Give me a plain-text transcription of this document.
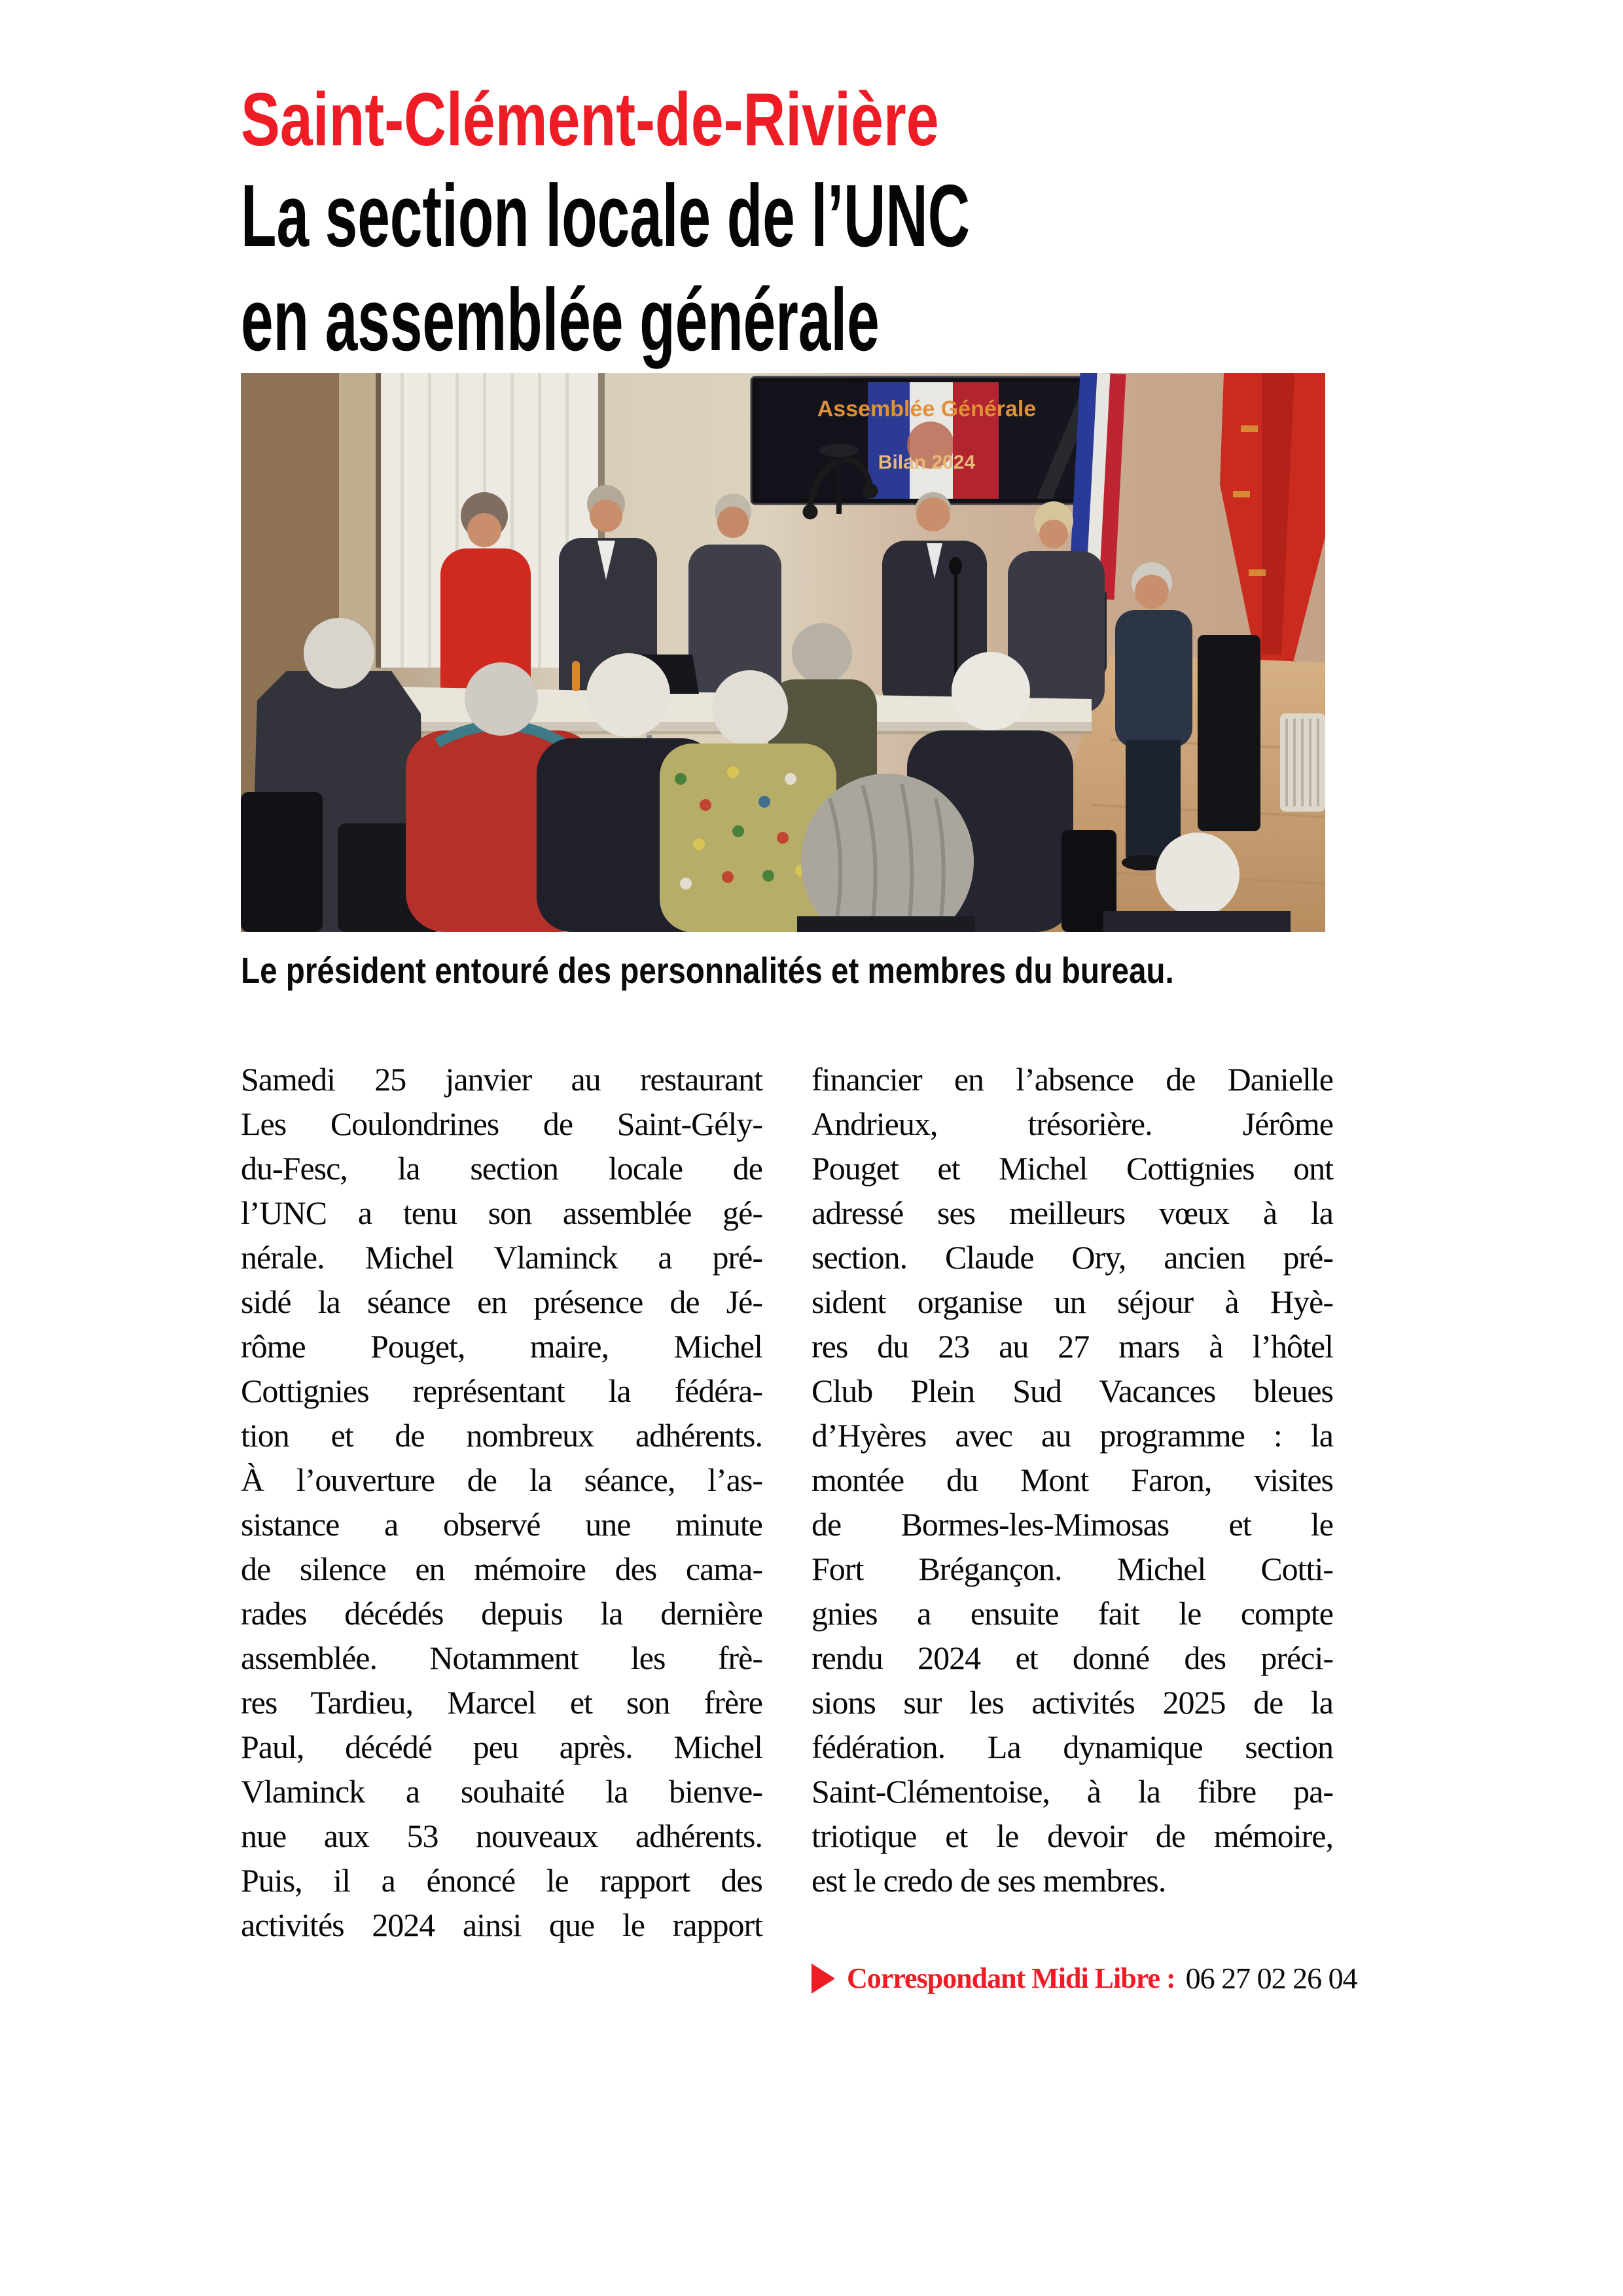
Saint-Clément-de-Rivière
La section locale de l’UNC
en assemblée générale
Assemblée Générale
Bilan 2024
Le président entouré des personnalités et membres du bureau.
Samedi 25 janvier au restaurant
Les Coulondrines de Saint-Gély-
du-Fesc, la section locale de
l’UNC a tenu son assemblée gé-
nérale. Michel Vlaminck a pré-
sidé la séance en présence de Jé-
rôme Pouget, maire, Michel
Cottignies représentant la fédéra-
tion et de nombreux adhérents.
À l’ouverture de la séance, l’as-
sistance a observé une minute
de silence en mémoire des cama-
rades décédés depuis la dernière
assemblée. Notamment les frè-
res Tardieu, Marcel et son frère
Paul, décédé peu après. Michel
Vlaminck a souhaité la bienve-
nue aux 53 nouveaux adhérents.
Puis, il a énoncé le rapport des
activités 2024 ainsi que le rapport
financier en l’absence de Danielle
Andrieux, trésorière. Jérôme
Pouget et Michel Cottignies ont
adressé ses meilleurs vœux à la
section. Claude Ory, ancien pré-
sident organise un séjour à Hyè-
res du 23 au 27 mars à l’hôtel
Club Plein Sud Vacances bleues
d’Hyères avec au programme : la
montée du Mont Faron, visites
de Bormes-les-Mimosas et le
Fort Brégançon. Michel Cotti-
gnies a ensuite fait le compte
rendu 2024 et donné des préci-
sions sur les activités 2025 de la
fédération. La dynamique section
Saint-Clémentoise, à la fibre pa-
triotique et le devoir de mémoire,
est le credo de ses membres.
Correspondant Midi Libre : 06 27 02 26 04
